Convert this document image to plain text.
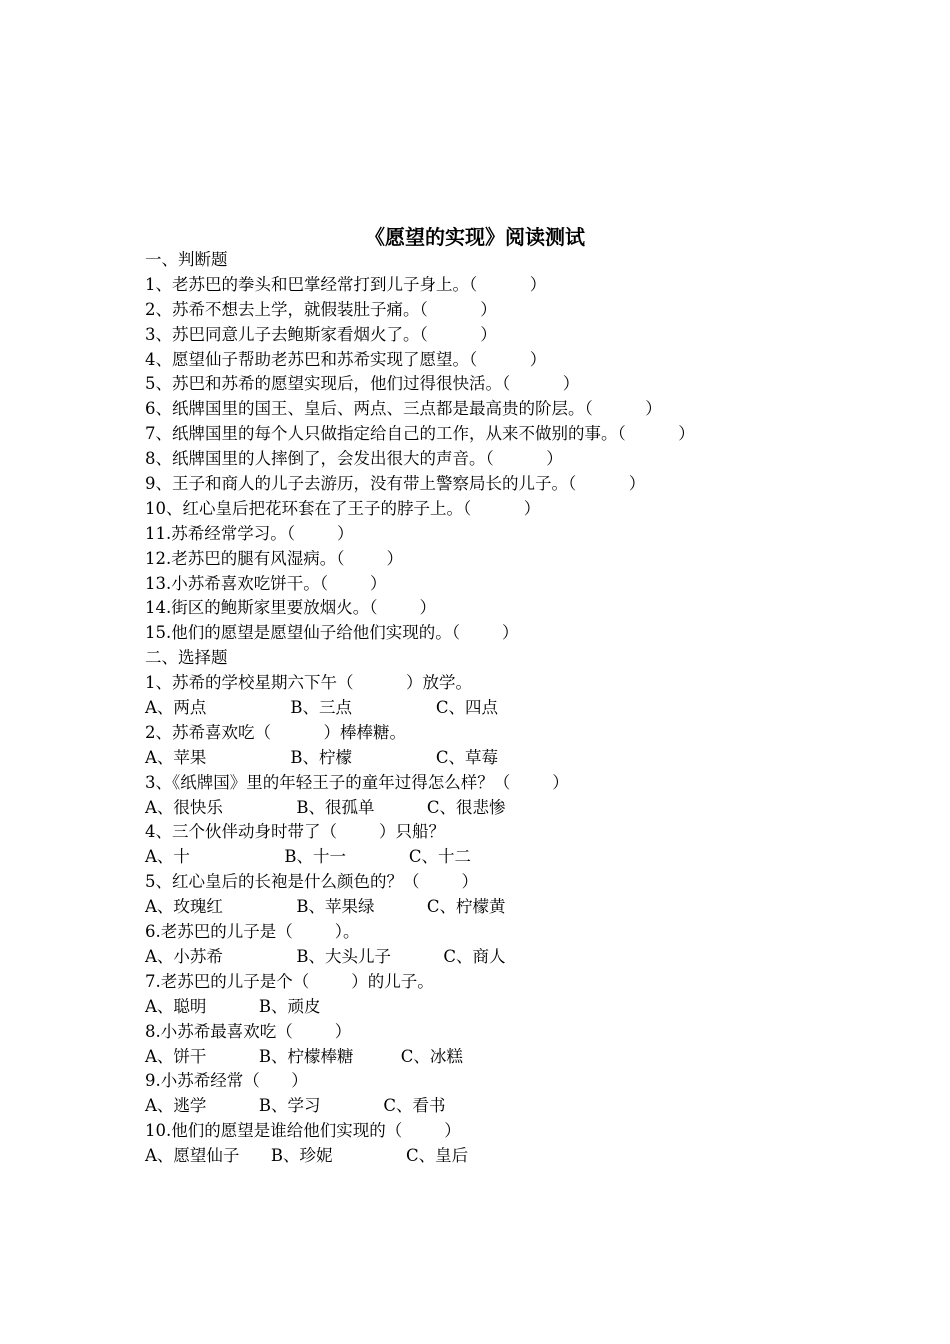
《愿望的实现》阅读测试
一、判断题
1、老苏巴的拳头和巴掌经常打到儿子身上。（          ）
2、苏希不想去上学，就假装肚子痛。（          ）
3、苏巴同意儿子去鲍斯家看烟火了。（          ）
4、愿望仙子帮助老苏巴和苏希实现了愿望。（          ）
5、苏巴和苏希的愿望实现后，他们过得很快活。（          ）
6、纸牌国里的国王、皇后、两点、三点都是最高贵的阶层。（          ）
7、纸牌国里的每个人只做指定给自己的工作，从来不做别的事。（          ）
8、纸牌国里的人摔倒了，会发出很大的声音。（          ）
9、王子和商人的儿子去游历，没有带上警察局长的儿子。（          ）
10、红心皇后把花环套在了王子的脖子上。（          ）
11.苏希经常学习。（        ）
12.老苏巴的腿有风湿病。（        ）
13.小苏希喜欢吃饼干。（        ）
14.街区的鲍斯家里要放烟火。（        ）
15.他们的愿望是愿望仙子给他们实现的。（        ）
二、选择题
1、苏希的学校星期六下午（          ）放学。
A、两点                B、三点                C、四点
2、苏希喜欢吃（          ）棒棒糖。
A、苹果                B、柠檬                C、草莓
3、《纸牌国》里的年轻王子的童年过得怎么样？（        ）
A、很快乐              B、很孤单          C、很悲惨
4、三个伙伴动身时带了（        ）只船？
A、十                  B、十一            C、十二
5、红心皇后的长袍是什么颜色的？（        ）
A、玫瑰红              B、苹果绿          C、柠檬黄
6.老苏巴的儿子是（        ）。
A、小苏希              B、大头儿子          C、商人
7.老苏巴的儿子是个（        ）的儿子。
A、聪明          B、顽皮
8.小苏希最喜欢吃（        ）
A、饼干          B、柠檬棒糖         C、冰糕
9.小苏希经常（      ）
A、逃学          B、学习            C、看书
10.他们的愿望是谁给他们实现的（        ）
A、愿望仙子      B、珍妮              C、皇后
